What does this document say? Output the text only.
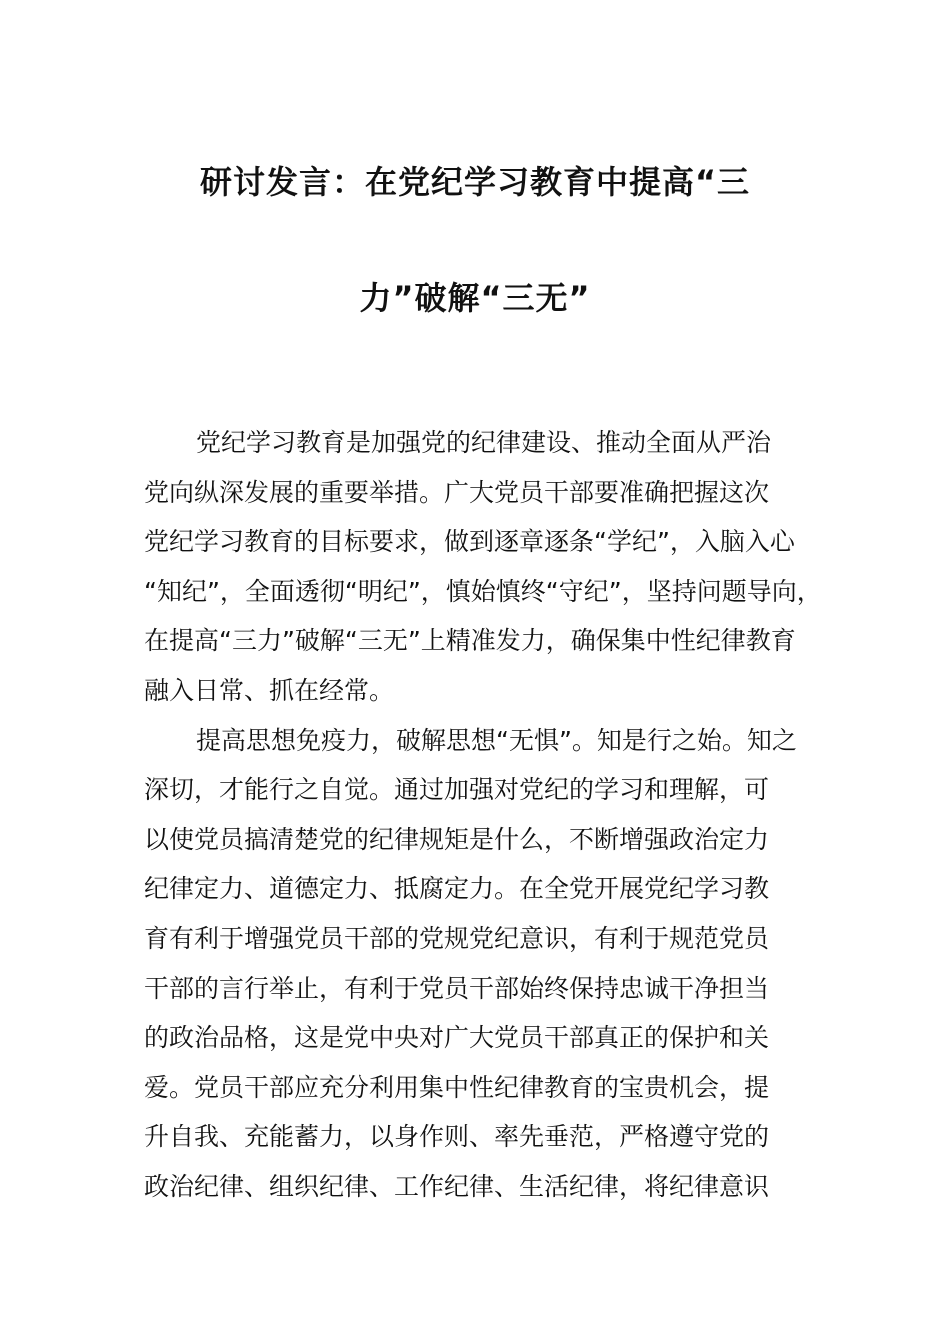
研讨发言：在党纪学习教育中提高“三
力”破解“三无”
党纪学习教育是加强党的纪律建设、推动全面从严治
党向纵深发展的重要举措。广大党员干部要准确把握这次
党纪学习教育的目标要求，做到逐章逐条“学纪”，入脑入心
“知纪”，全面透彻“明纪”，慎始慎终“守纪”，坚持问题导向，
在提高“三力”破解“三无”上精准发力，确保集中性纪律教育
融入日常、抓在经常。
提高思想免疫力，破解思想“无惧”。知是行之始。知之
深切，才能行之自觉。通过加强对党纪的学习和理解，可
以使党员搞清楚党的纪律规矩是什么，不断增强政治定力
纪律定力、道德定力、抵腐定力。在全党开展党纪学习教
育有利于增强党员干部的党规党纪意识，有利于规范党员
干部的言行举止，有利于党员干部始终保持忠诚干净担当
的政治品格，这是党中央对广大党员干部真正的保护和关
爱。党员干部应充分利用集中性纪律教育的宝贵机会，提
升自我、充能蓄力，以身作则、率先垂范，严格遵守党的
政治纪律、组织纪律、工作纪律、生活纪律，将纪律意识
